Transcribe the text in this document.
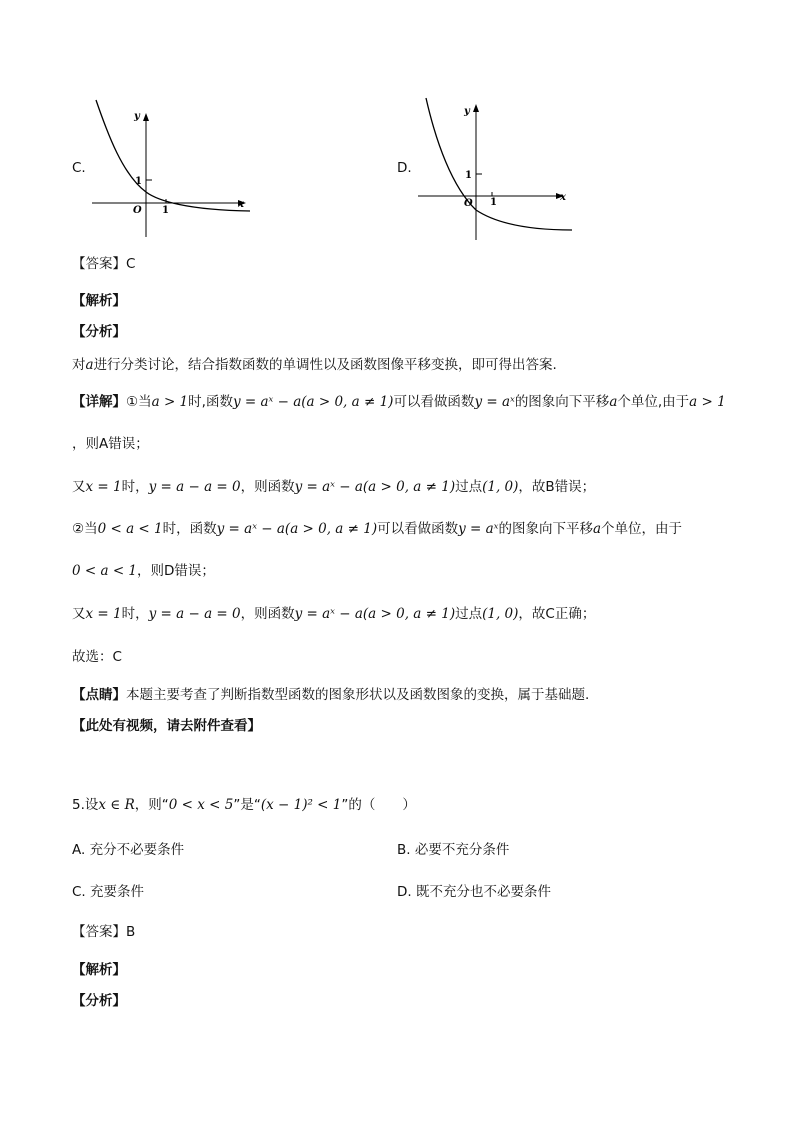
C.
y
x
O 1
1
D.
y
x
O 1
1
【答案】C
【解析】
【分析】
对a进行分类讨论，结合指数函数的单调性以及函数图像平移变换，即可得出答案.
【详解】①当a > 1时,函数y = aˣ − a(a > 0, a ≠ 1)可以看做函数y = aˣ的图象向下平移a个单位,由于a > 1
，则A错误；
又x = 1时，y = a − a = 0，则函数y = aˣ − a(a > 0, a ≠ 1)过点(1, 0)，故B错误；
②当0 < a < 1时，函数y = aˣ − a(a > 0, a ≠ 1)可以看做函数y = aˣ的图象向下平移a个单位，由于
0 < a < 1，则D错误；
又x = 1时，y = a − a = 0，则函数y = aˣ − a(a > 0, a ≠ 1)过点(1, 0)，故C正确；
故选：C
【点睛】本题主要考查了判断指数型函数的图象形状以及函数图象的变换，属于基础题.
【此处有视频，请去附件查看】
5.设x ∈ R，则“0 < x < 5”是“(x − 1)² < 1”的（　　）
A. 充分不必要条件	B. 必要不充分条件
C. 充要条件	D. 既不充分也不必要条件
【答案】B
【解析】
【分析】
